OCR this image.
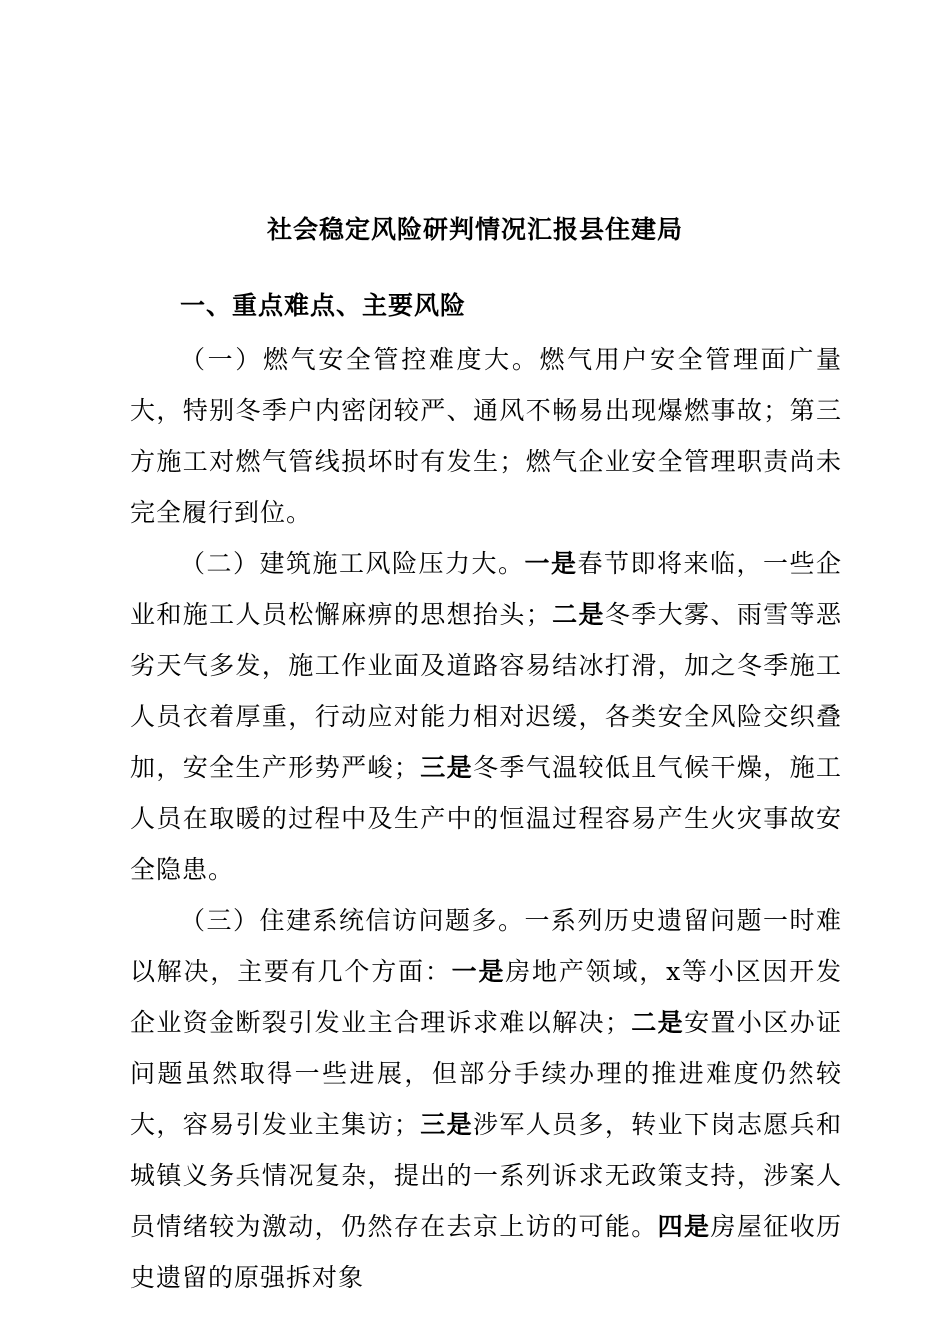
社会稳定风险研判情况汇报县住建局
一、重点难点、主要风险

（一）燃气安全管控难度大。燃气用户安全管理面广量大，特别冬季户内密闭较严、通风不畅易出现爆燃事故；第三方施工对燃气管线损坏时有发生；燃气企业安全管理职责尚未完全履行到位。

（二）建筑施工风险压力大。一是春节即将来临，一些企业和施工人员松懈麻痹的思想抬头；二是冬季大雾、雨雪等恶劣天气多发，施工作业面及道路容易结冰打滑，加之冬季施工人员衣着厚重，行动应对能力相对迟缓，各类安全风险交织叠加，安全生产形势严峻；三是冬季气温较低且气候干燥，施工人员在取暖的过程中及生产中的恒温过程容易产生火灾事故安全隐患。

（三）住建系统信访问题多。一系列历史遗留问题一时难以解决，主要有几个方面：一是房地产领域，x等小区因开发企业资金断裂引发业主合理诉求难以解决；二是安置小区办证问题虽然取得一些进展，但部分手续办理的推进难度仍然较大，容易引发业主集访；三是涉军人员多，转业下岗志愿兵和城镇义务兵情况复杂，提出的一系列诉求无政策支持，涉案人员情绪较为激动，仍然存在去京上访的可能。四是房屋征收历史遗留的原强拆对象
